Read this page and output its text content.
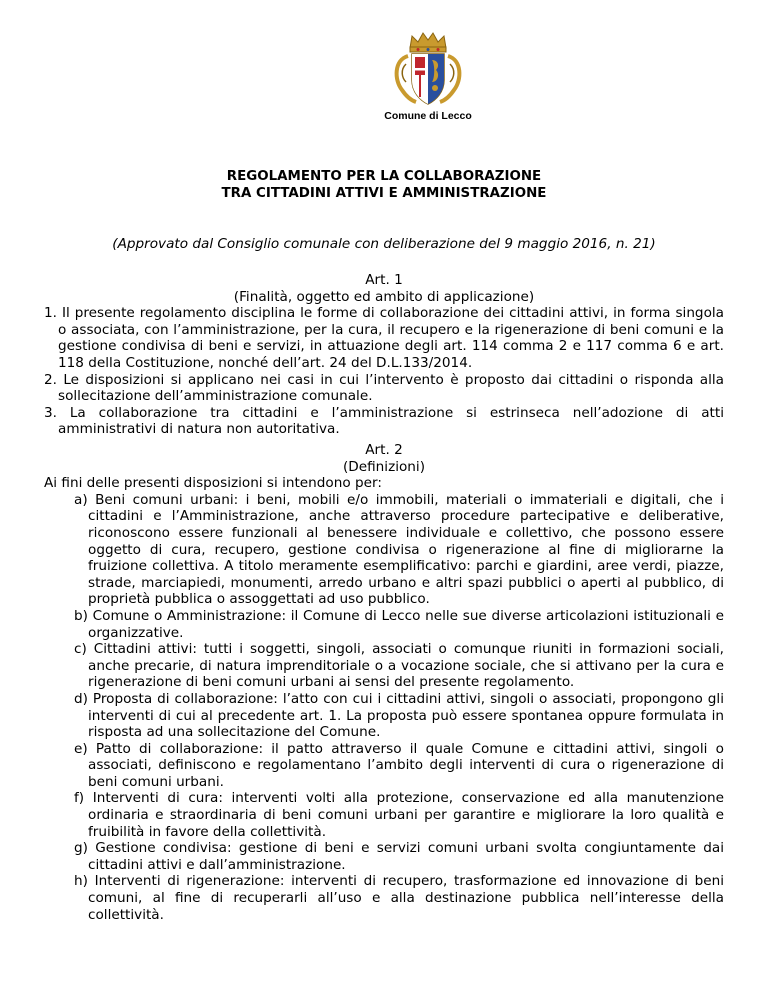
Comune di Lecco
REGOLAMENTO PER LA COLLABORAZIONE
TRA CITTADINI ATTIVI E AMMINISTRAZIONE
(Approvato dal Consiglio comunale con deliberazione del 9 maggio 2016, n. 21)
Art. 1
(Finalità, oggetto ed ambito di applicazione)
1. Il presente regolamento disciplina le forme di collaborazione dei cittadini attivi, in forma singola o associata, con l’amministrazione, per la cura, il recupero e la rigenerazione di beni comuni e la gestione condivisa di beni e servizi, in attuazione degli art. 114 comma 2 e 117 comma 6 e art. 118 della Costituzione, nonché dell’art. 24 del D.L.133/2014.
2. Le disposizioni si applicano nei casi in cui l’intervento è proposto dai cittadini o risponda alla sollecitazione dell’amministrazione comunale.
3. La collaborazione tra cittadini e l’amministrazione si estrinseca nell’adozione di atti amministrativi di natura non autoritativa.
Art. 2
(Definizioni)
Ai fini delle presenti disposizioni si intendono per:
a) Beni comuni urbani: i beni, mobili e/o immobili, materiali o immateriali e digitali, che i cittadini e l’Amministrazione, anche attraverso procedure partecipative e deliberative, riconoscono essere funzionali al benessere individuale e collettivo, che possono essere oggetto di cura, recupero, gestione condivisa o rigenerazione al fine di migliorarne la fruizione collettiva. A titolo meramente esemplificativo: parchi e giardini, aree verdi, piazze, strade, marciapiedi, monumenti, arredo urbano e altri spazi pubblici o aperti al pubblico, di proprietà pubblica o assoggettati ad uso pubblico.
b) Comune o Amministrazione: il Comune di Lecco nelle sue diverse articolazioni istituzionali e organizzative.
c) Cittadini attivi: tutti i soggetti, singoli, associati o comunque riuniti in formazioni sociali, anche precarie, di natura imprenditoriale o a vocazione sociale, che si attivano per la cura e rigenerazione di beni comuni urbani ai sensi del presente regolamento.
d) Proposta di collaborazione: l’atto con cui i cittadini attivi, singoli o associati, propongono gli interventi di cui al precedente art. 1. La proposta può essere spontanea oppure formulata in risposta ad una sollecitazione del Comune.
e) Patto di collaborazione: il patto attraverso il quale Comune e cittadini attivi, singoli o associati, definiscono e regolamentano l’ambito degli interventi di cura o rigenerazione di beni comuni urbani.
f) Interventi di cura: interventi volti alla protezione, conservazione ed alla manutenzione ordinaria e straordinaria di beni comuni urbani per garantire e migliorare la loro qualità e fruibilità in favore della collettività.
g) Gestione condivisa: gestione di beni e servizi comuni urbani svolta congiuntamente dai cittadini attivi e dall’amministrazione.
h) Interventi di rigenerazione: interventi di recupero, trasformazione ed innovazione di beni comuni, al fine di recuperarli all’uso e alla destinazione pubblica nell’interesse della collettività.
